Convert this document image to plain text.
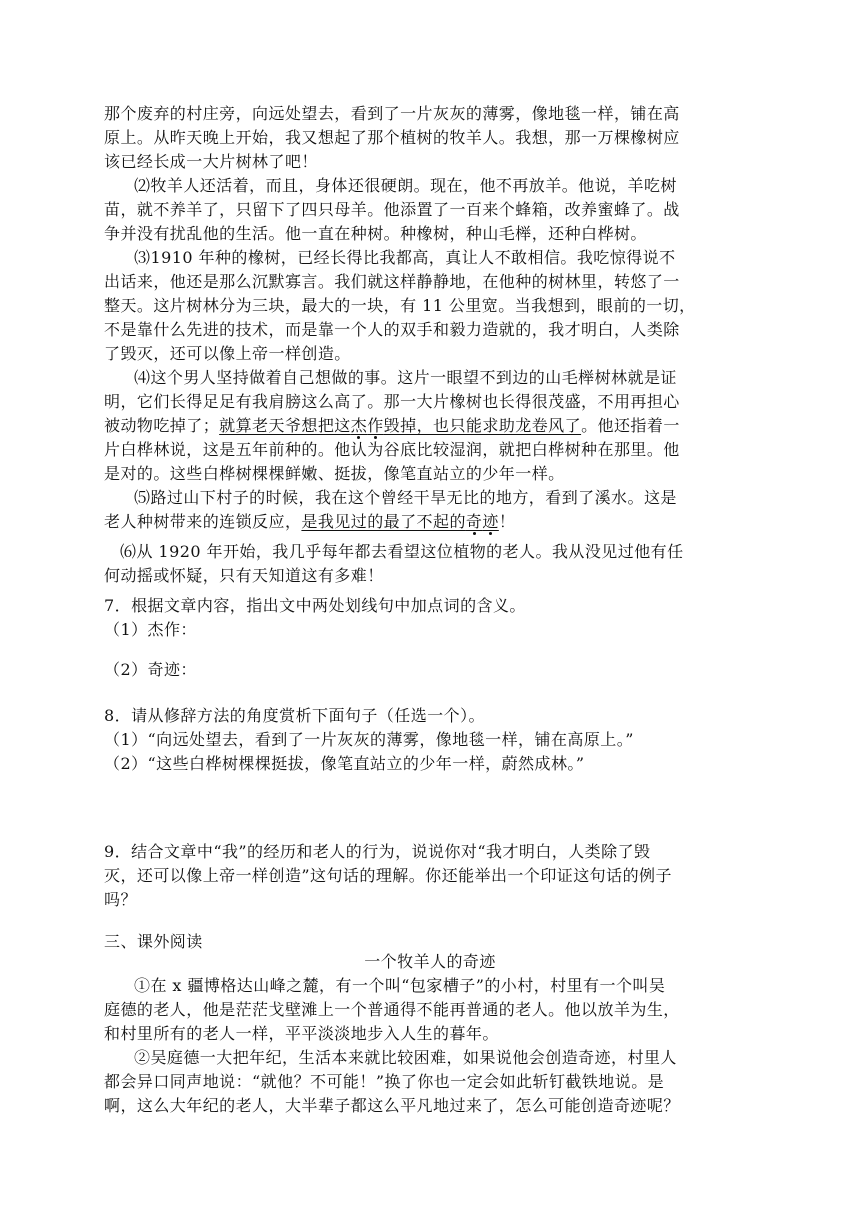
那个废弃的村庄旁，向远处望去，看到了一片灰灰的薄雾，像地毯一样，铺在高
原上。从昨天晚上开始，我又想起了那个植树的牧羊人。我想，那一万棵橡树应
该已经长成一大片树林了吧！
⑵牧羊人还活着，而且，身体还很硬朗。现在，他不再放羊。他说，羊吃树
苗，就不养羊了，只留下了四只母羊。他添置了一百来个蜂箱，改养蜜蜂了。战
争并没有扰乱他的生活。他一直在种树。种橡树，种山毛榉，还种白桦树。
⑶1910 年种的橡树，已经长得比我都高，真让人不敢相信。我吃惊得说不
出话来，他还是那么沉默寡言。我们就这样静静地，在他种的树林里，转悠了一
整天。这片树林分为三块，最大的一块，有 11 公里宽。当我想到，眼前的一切，
不是靠什么先进的技术，而是靠一个人的双手和毅力造就的，我才明白，人类除
了毁灭，还可以像上帝一样创造。
⑷这个男人坚持做着自己想做的事。这片一眼望不到边的山毛榉树林就是证
明，它们长得足足有我肩膀这么高了。那一大片橡树也长得很茂盛，不用再担心
被动物吃掉了；就算老天爷想把这杰作毁掉，也只能求助龙卷风了。他还指着一
片白桦林说，这是五年前种的。他认为谷底比较湿润，就把白桦树种在那里。他
是对的。这些白桦树棵棵鲜嫩、挺拔，像笔直站立的少年一样。
⑸路过山下村子的时候，我在这个曾经干旱无比的地方，看到了溪水。这是
老人种树带来的连锁反应，是我见过的最了不起的奇迹！
⑹从 1920 年开始，我几乎每年都去看望这位植物的老人。我从没见过他有任
何动摇或怀疑，只有天知道这有多难！
7．根据文章内容，指出文中两处划线句中加点词的含义。
（1）杰作：
（2）奇迹：
8．请从修辞方法的角度赏析下面句子（任选一个）。
（1）“向远处望去，看到了一片灰灰的薄雾，像地毯一样，铺在高原上。”
（2）“这些白桦树棵棵挺拔，像笔直站立的少年一样，蔚然成林。”
9．结合文章中“我”的经历和老人的行为，说说你对“我才明白，人类除了毁
灭，还可以像上帝一样创造”这句话的理解。你还能举出一个印证这句话的例子
吗？
三、课外阅读
一个牧羊人的奇迹
①在 x 疆博格达山峰之麓，有一个叫“包家槽子”的小村，村里有一个叫吴
庭德的老人，他是茫茫戈壁滩上一个普通得不能再普通的老人。他以放羊为生，
和村里所有的老人一样，平平淡淡地步入人生的暮年。
②吴庭德一大把年纪，生活本来就比较困难，如果说他会创造奇迹，村里人
都会异口同声地说：“就他？不可能！”换了你也一定会如此斩钉截铁地说。是
啊，这么大年纪的老人，大半辈子都这么平凡地过来了，怎么可能创造奇迹呢？
